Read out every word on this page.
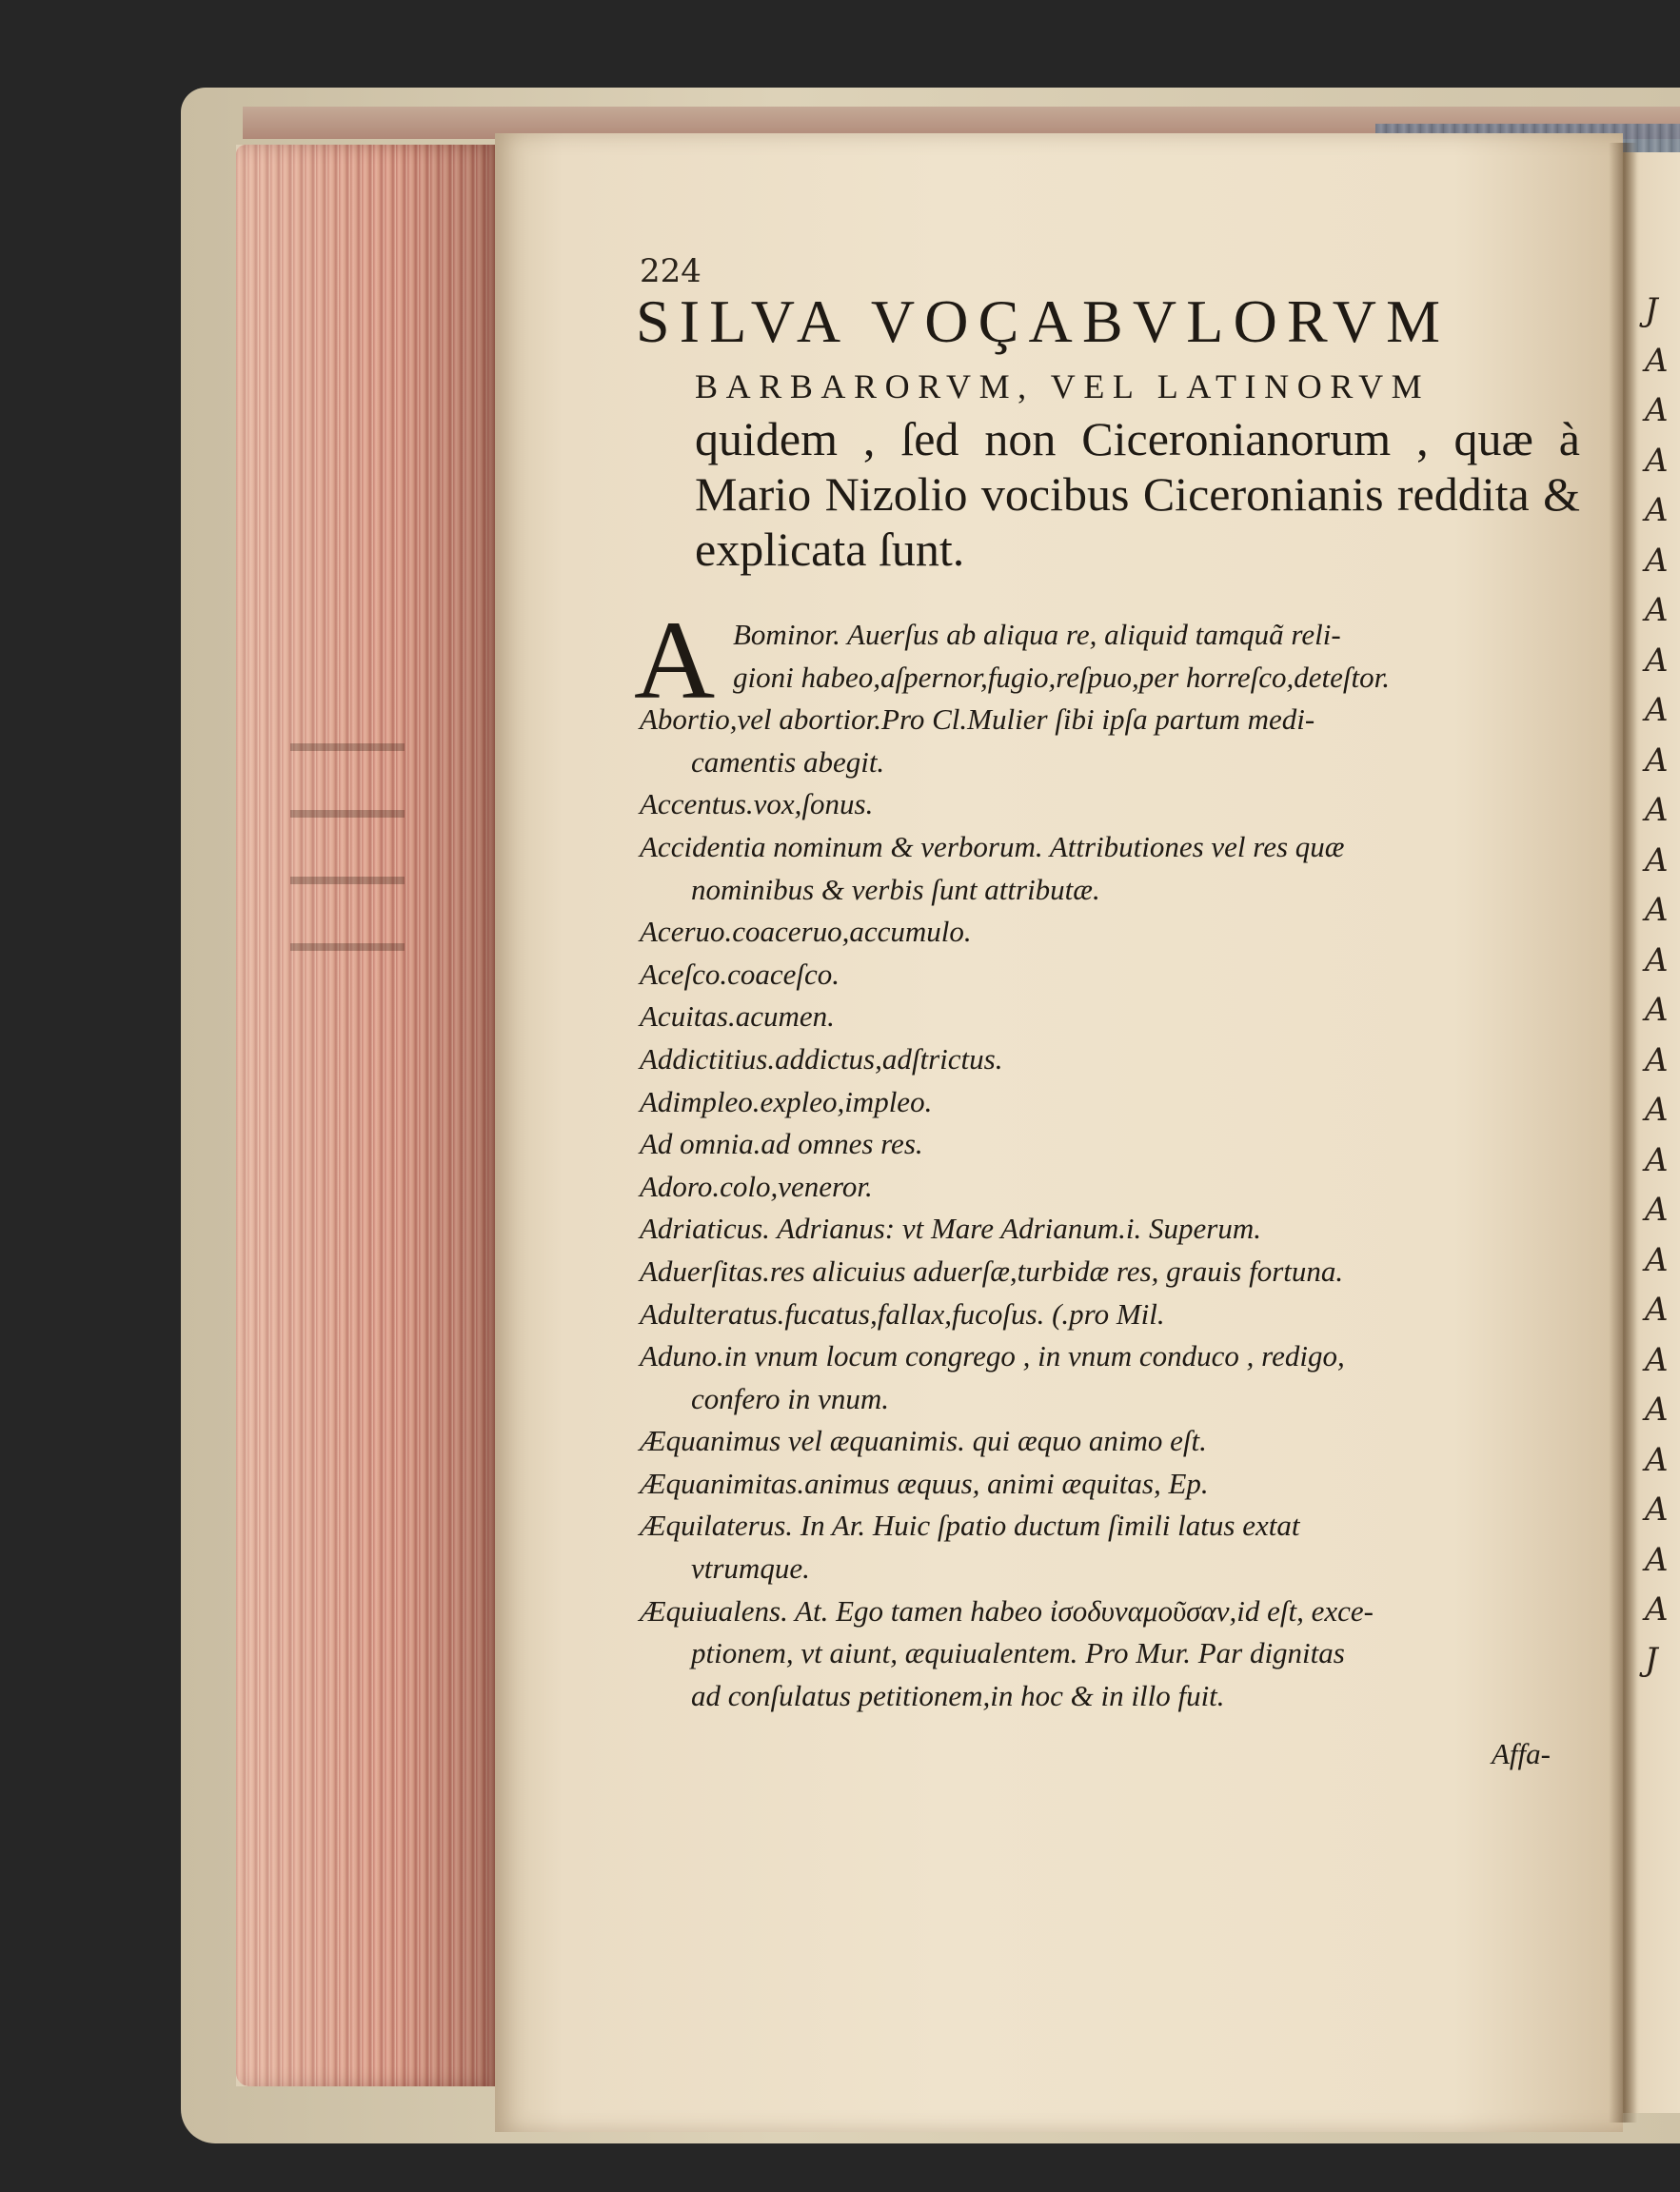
J
A
A
A
A
A
A
A
A
A
A
A
A
A
A
A
A
A
A
A
A
A
A
A
A
A
A
J
224
SILVA VOÇABVLORVM
BARBARORVM, VEL LATINORVM
quidem , ſed non Ciceronianorum , quæ à
Mario Nizolio vocibus Ciceronianis reddita &
explicata ſunt.
A Bominor. Auerſus ab aliqua re, aliquid tamquã reli-
gioni habeo,aſpernor,fugio,reſpuo,per horreſco,deteſtor.
Abortio,vel abortior.Pro Cl.Mulier ſibi ipſa partum medi-
camentis abegit.
Accentus.vox,ſonus.
Accidentia nominum & verborum. Attributiones vel res quæ
nominibus & verbis ſunt attributæ.
Aceruo.coaceruo,accumulo.
Aceſco.coaceſco.
Acuitas.acumen.
Addictitius.addictus,adſtrictus.
Adimpleo.expleo,impleo.
Ad omnia.ad omnes res.
Adoro.colo,veneror.
Adriaticus. Adrianus: vt Mare Adrianum.i. Superum.
Aduerſitas.res alicuius aduerſæ,turbidæ res, grauis fortuna.
Adulteratus.fucatus,fallax,fucoſus. (.pro Mil.
Aduno.in vnum locum congrego , in vnum conduco , redigo,
confero in vnum.
Æquanimus vel æquanimis. qui æquo animo eſt.
Æquanimitas.animus æquus, animi æquitas, Ep.
Æquilaterus. In Ar. Huic ſpatio ductum ſimili latus extat
vtrumque.
Æquiualens. At. Ego tamen habeo ἰσοδυναμοῦσαν,id eſt, exce-
ptionem, vt aiunt, æquiualentem. Pro Mur. Par dignitas
ad conſulatus petitionem,in hoc & in illo fuit.
Affa-
